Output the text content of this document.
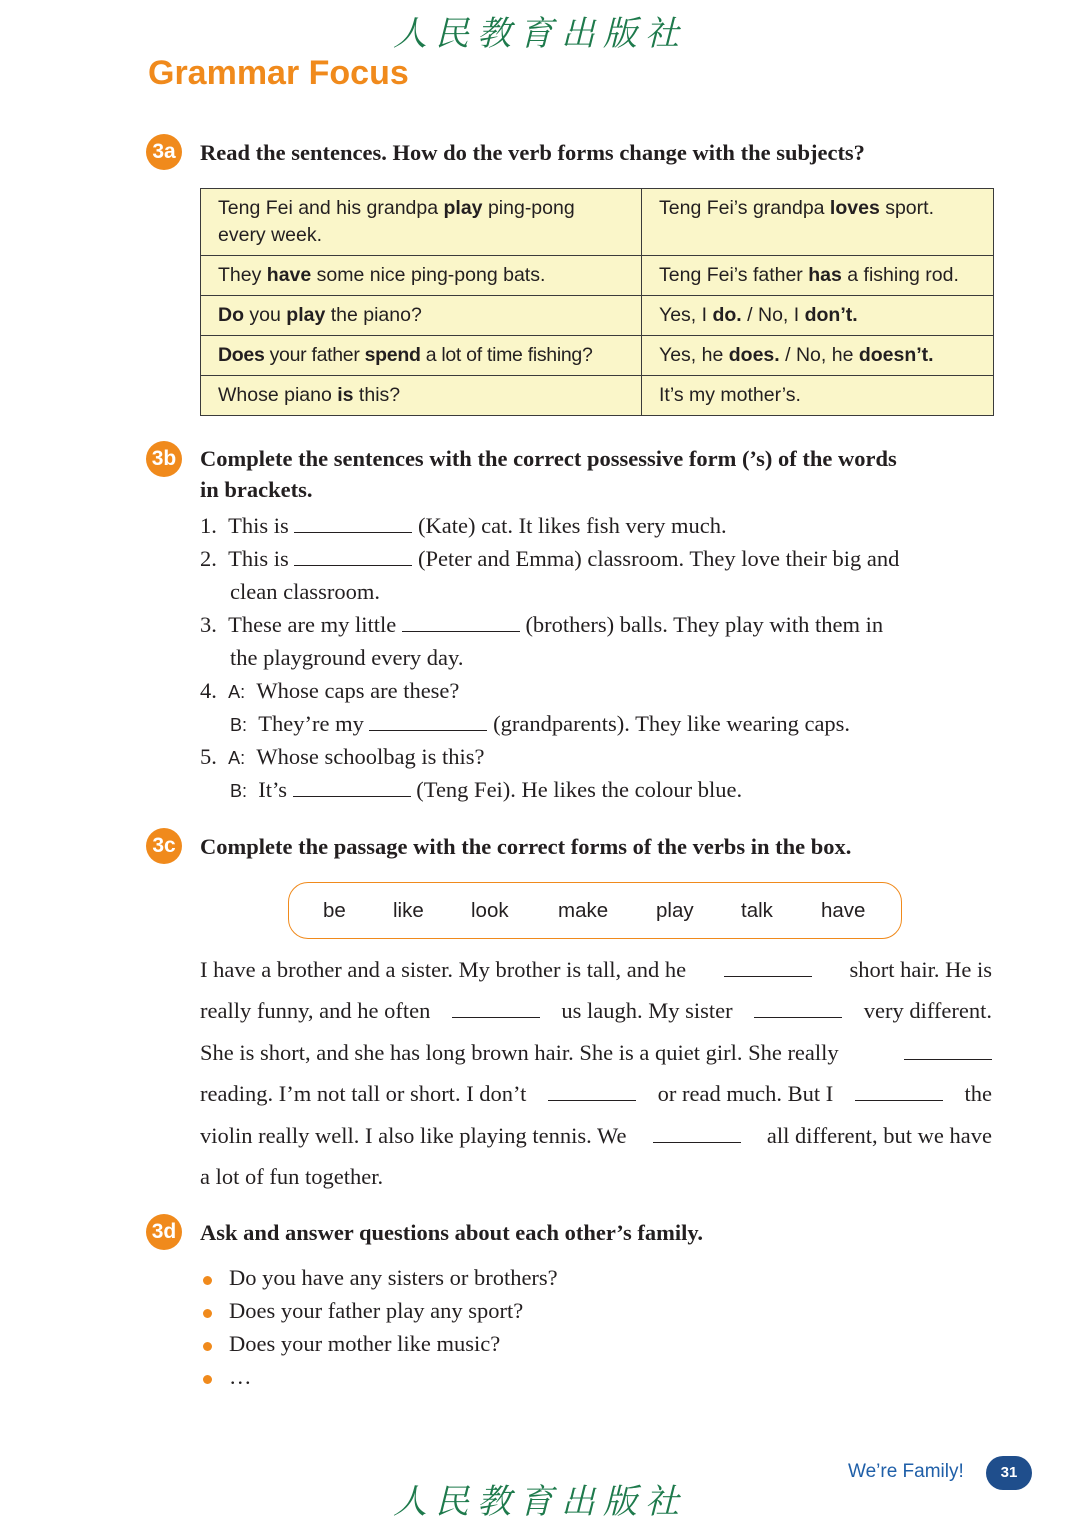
人民教育出版社
Grammar Focus
3a Read the sentences. How do the verb forms change with the subjects?
Teng Fei and his grandpa play ping-pong every week.	Teng Fei’s grandpa loves sport.
They have some nice ping-pong bats.	Teng Fei’s father has a fishing rod.
Do you play the piano?	Yes, I do. / No, I don’t.
Does your father spend a lot of time fishing?	Yes, he does. / No, he doesn’t.
Whose piano is this?	It’s my mother’s.
3b Complete the sentences with the correct possessive form (’s) of the words
in brackets.
1. This is	(Kate) cat. It likes fish very much.
2. This is	(Peter and Emma) classroom. They love their big and
clean classroom.
3. These are my little	(brothers) balls. They play with them in
the playground every day.
4. A: Whose caps are these?
B: They’re my	(grandparents). They like wearing caps.
5. A: Whose schoolbag is this?
B: It’s	(Teng Fei). He likes the colour blue.
3c Complete the passage with the correct forms of the verbs in the box.
be like look make play talk have
I have a brother and a sister. My brother is tall, and he	short hair. He is
really funny, and he often	us laugh. My sister	very different.
She is short, and she has long brown hair. She is a quiet girl. She really
reading. I’m not tall or short. I don’t	or read much. But I	the
violin really well. I also like playing tennis. We	all different, but we have
a lot of fun together.
3d Ask and answer questions about each other’s family.
Do you have any sisters or brothers?
Does your father play any sport?
Does your mother like music?
…
We’re Family!	31
人民教育出版社
